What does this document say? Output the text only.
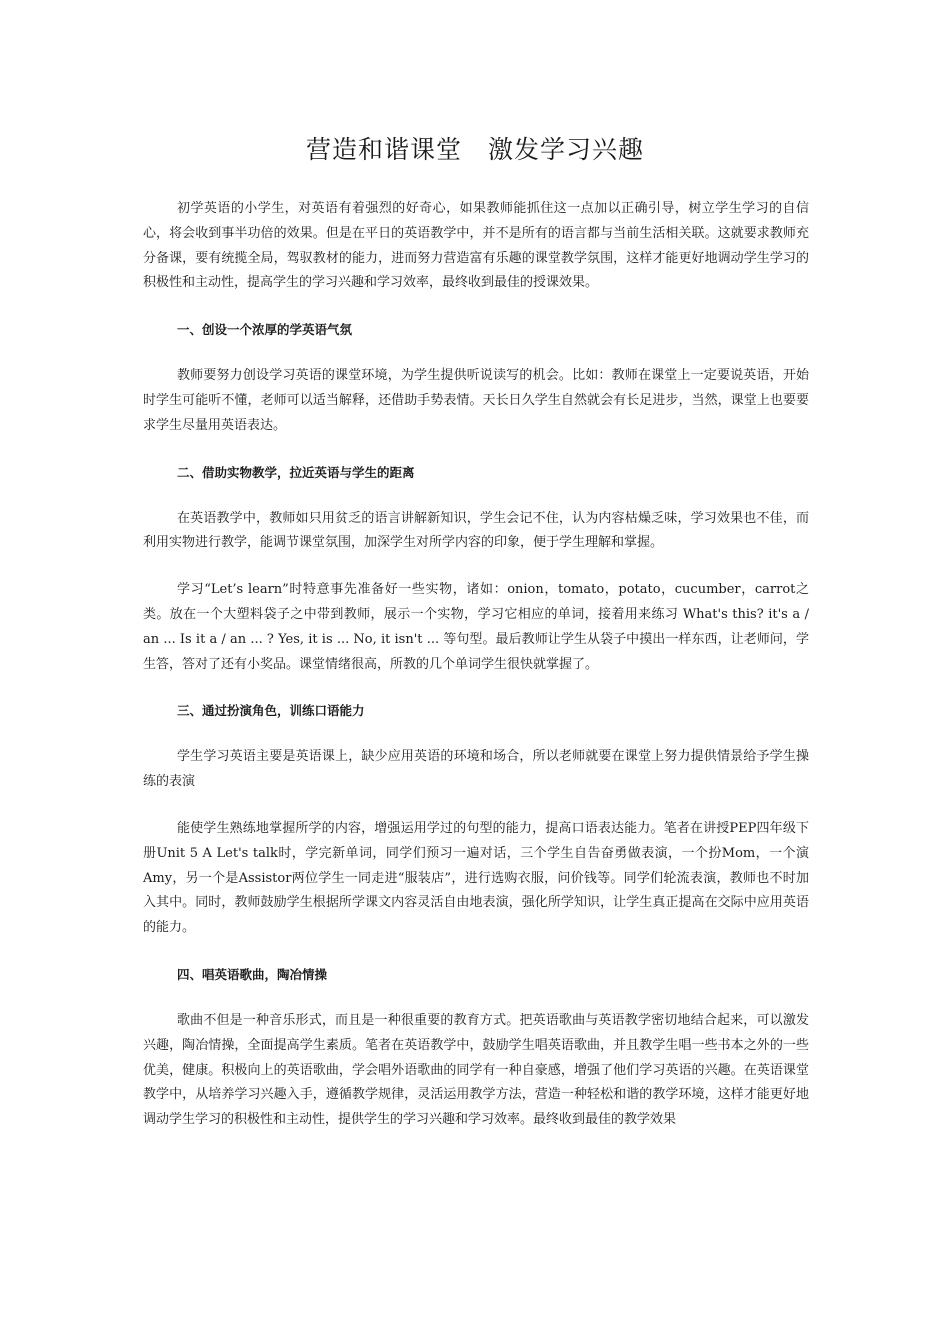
营造和谐课堂 激发学习兴趣

初学英语的小学生，对英语有着强烈的好奇心，如果教师能抓住这一点加以正确引导，树立学生学习的自信心，将会收到事半功倍的效果。但是在平日的英语教学中，并不是所有的语言都与当前生活相关联。这就要求教师充分备课，要有统揽全局，驾驭教材的能力，进而努力营造富有乐趣的课堂教学氛围，这样才能更好地调动学生学习的积极性和主动性，提高学生的学习兴趣和学习效率，最终收到最佳的授课效果。

一、创设一个浓厚的学英语气氛

教师要努力创设学习英语的课堂环境，为学生提供听说读写的机会。比如：教师在课堂上一定要说英语，开始时学生可能听不懂，老师可以适当解释，还借助手势表情。天长日久学生自然就会有长足进步，当然，课堂上也要要求学生尽量用英语表达。

二、借助实物教学，拉近英语与学生的距离

在英语教学中，教师如只用贫乏的语言讲解新知识，学生会记不住，认为内容枯燥乏味，学习效果也不佳，而利用实物进行教学，能调节课堂氛围，加深学生对所学内容的印象，便于学生理解和掌握。

学习“Let’s learn”时特意事先准备好一些实物，诸如：onion，tomato，potato，cucumber，carrot之类。放在一个大塑料袋子之中带到教师，展示一个实物，学习它相应的单词，接着用来练习 What's this? it's a / an ... Is it a / an ... ? Yes, it is ... No, it isn't ... 等句型。最后教师让学生从袋子中摸出一样东西，让老师问，学生答，答对了还有小奖品。课堂情绪很高，所教的几个单词学生很快就掌握了。

三、通过扮演角色，训练口语能力

学生学习英语主要是英语课上，缺少应用英语的环境和场合，所以老师就要在课堂上努力提供情景给予学生操练的表演

能使学生熟练地掌握所学的内容，增强运用学过的句型的能力，提高口语表达能力。笔者在讲授PEP四年级下册Unit 5 A Let's talk时，学完新单词，同学们预习一遍对话，三个学生自告奋勇做表演，一个扮Mom，一个演Amy，另一个是Assistor两位学生一同走进“服装店”，进行选购衣服，问价钱等。同学们轮流表演，教师也不时加入其中。同时，教师鼓励学生根据所学课文内容灵活自由地表演，强化所学知识，让学生真正提高在交际中应用英语的能力。

四、唱英语歌曲，陶冶情操

歌曲不但是一种音乐形式，而且是一种很重要的教育方式。把英语歌曲与英语教学密切地结合起来，可以激发兴趣，陶冶情操，全面提高学生素质。笔者在英语教学中，鼓励学生唱英语歌曲，并且教学生唱一些书本之外的一些优美，健康。积极向上的英语歌曲，学会唱外语歌曲的同学有一种自豪感，增强了他们学习英语的兴趣。在英语课堂教学中，从培养学习兴趣入手，遵循教学规律，灵活运用教学方法，营造一种轻松和谐的教学环境，这样才能更好地调动学生学习的积极性和主动性，提供学生的学习兴趣和学习效率。最终收到最佳的教学效果
